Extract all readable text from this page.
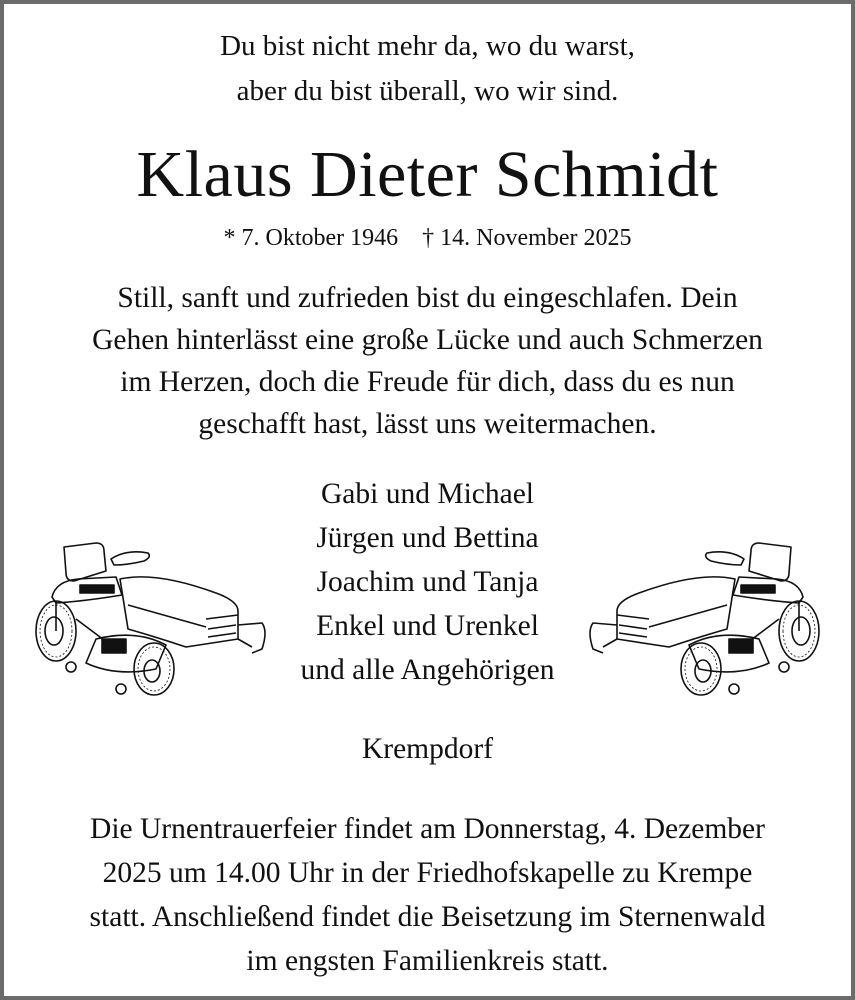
Du bist nicht mehr da, wo du warst,
aber du bist überall, wo wir sind.
Klaus Dieter Schmidt
* 7. Oktober 1946 † 14. November 2025
Still, sanft und zufrieden bist du eingeschlafen. Dein
Gehen hinterlässt eine große Lücke und auch Schmerzen
im Herzen, doch die Freude für dich, dass du es nun
geschafft hast, lässt uns weitermachen.
Gabi und Michael
Jürgen und Bettina
Joachim und Tanja
Enkel und Urenkel
und alle Angehörigen
Krempdorf
Die Urnentrauerfeier findet am Donnerstag, 4. Dezember
2025 um 14.00 Uhr in der Friedhofskapelle zu Krempe
statt. Anschließend findet die Beisetzung im Sternenwald
im engsten Familienkreis statt.
